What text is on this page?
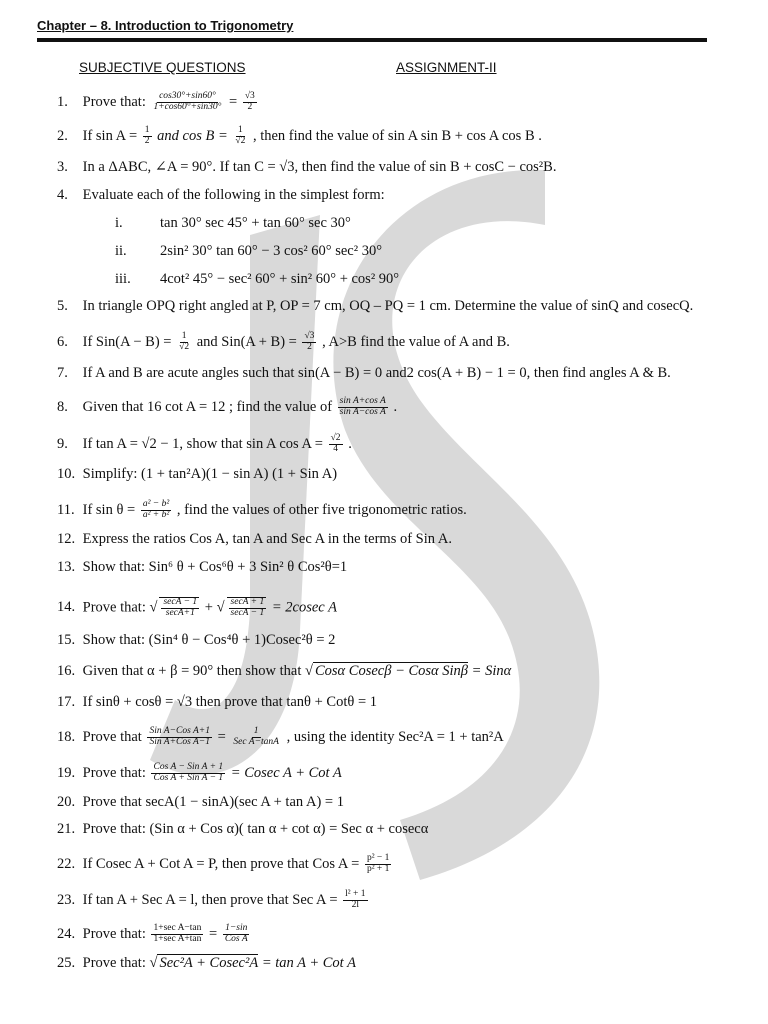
Chapter – 8. Introduction to Trigonometry
SUBJECTIVE QUESTIONS	ASSIGNMENT-II
1. Prove that: $\frac{\cos 30^\circ+\sin 60^\circ}{1+\cos 60^\circ+\sin 30^\circ} = \frac{√3}{2}$
2. If $\sin A = \frac{1}{2}$ and $\cos B = \frac{1}{√2}$ , then find the value of sin A sin B + cos A cos B .
3. In a ΔABC, ∠A = 90°. If tan C = √3, then find the value of sin B + cosC − cos²B.
4. Evaluate each of the following in the simplest form:
i.	tan 30° sec 45° + tan 60° sec 30°
ii. 2sin² 30° tan 60° − 3 cos² 60° sec² 30°
iii. 4cot² 45° − sec² 60° + sin² 60° + cos² 90°
5. In triangle OPQ right angled at P, OP = 7 cm, OQ – PQ = 1 cm. Determine the value of sinQ and cosecQ.
6. If $Sin(A - B) = \frac{1}{√2}$ and $Sin(A + B) = \frac{√3}{2}$ , A>B find the value of A and B.
7. If A and B are acute angles such that sin(A − B) = 0 and2 cos(A + B) − 1 = 0, then find angles A & B.
8. Given that 16 cot A = 12 ; find the value of $\frac{\text{sin A+cos A}}{\text{sin A−cos A}}$ .
9. If tan A = √2 − 1, show that sin A $\cos A = \frac{√2}{4}$ .
10. Simplify: (1 + tan²A)(1 − sin A) (1 + Sin A)
11. If $\sin \theta = \frac{\text{a² − b²}}{\text{a² + b²}}$ , find the values of other five trigonometric ratios.
12. Express the ratios Cos A, tan A and Sec A in the terms of Sin A.
13. Show that: Sin⁶ θ + Cos⁶θ + 3 Sin² θ Cos²θ=1
14. Prove that: √ $\frac{\sec A - 1}{\sec A+1}$ + √ $\frac{\sec A + 1}{\sec A - 1} = 2cosec$ A
15. Show that: (Sin⁴ θ − Cos⁴θ + 1)Cosec²θ = 2
16. Given that α + β = 90° then show that √ Cosα Cosecβ − Cosα Sinβ = Sinα
17. If sinθ + cosθ = √3 then prove that tanθ + Cotθ = 1
18. Prove that $\frac{\text{Sin A−Cos A+1}}{\text{Sin A+Cos A−1}} = \frac{1}{\text{Sec A−tanA}}$ , using the identity Sec²A = 1 + tan²A
19. Prove that: $\frac{\text{Cos A − Sin A + 1}}{\text{Cos A + Sin A − 1}} = Cosec$ A + Cot A
20. Prove that secA(1 − sinA)(sec A + tan A) = 1
21. Prove that: (Sin α + Cos α)( tan α + cot α) = Sec α + cosecα
22. If Cosec A + Cot A = P, then prove that Cos $A = \frac{\text{p² − 1}}{\text{p² + 1}}$
23. If tan A + Sec A = l, then prove that Sec $A = \frac{\text{l² + 1}}{2l}$
24. Prove that: $\frac{\text{1+sec A−tan}}{\text{1+sec A+tan}} = \frac{1-\sin}{\text{Cos A}}$
25. Prove that: √ Sec²A + Cosec²A = tan A + Cot A
